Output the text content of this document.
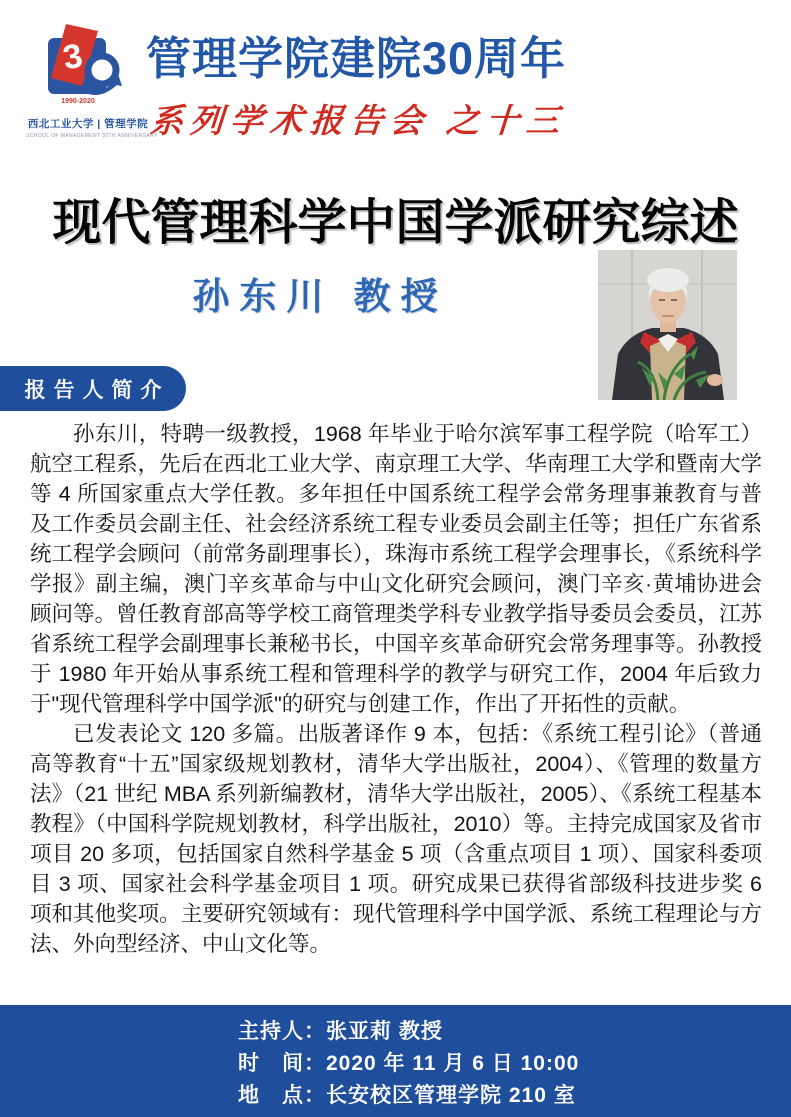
3
1990-2020
西北工业大学 | 管理学院
SCHOOL OF MANAGEMENT 30TH ANNIVERSARY
管理学院建院30周年
系列学术报告会 之十三
现代管理科学中国学派研究综述
孙东川 教授
报告人简介

孙东川，特聘一级教授，1968 年毕业于哈尔滨军事工程学院（哈军工）航空工程系，先后在西北工业大学、南京理工大学、华南理工大学和暨南大学等 4 所国家重点大学任教。多年担任中国系统工程学会常务理事兼教育与普及工作委员会副主任、社会经济系统工程专业委员会副主任等；担任广东省系统工程学会顾问（前常务副理事长），珠海市系统工程学会理事长，《系统科学学报》副主编，澳门辛亥革命与中山文化研究会顾问，澳门辛亥·黄埔协进会顾问等。曾任教育部高等学校工商管理类学科专业教学指导委员会委员，江苏省系统工程学会副理事长兼秘书长，中国辛亥革命研究会常务理事等。孙教授于 1980 年开始从事系统工程和管理科学的教学与研究工作，2004 年后致力于"现代管理科学中国学派"的研究与创建工作，作出了开拓性的贡献。

已发表论文 120 多篇。出版著译作 9 本，包括：《系统工程引论》（普通高等教育“十五”国家级规划教材，清华大学出版社，2004）、《管理的数量方法》（21 世纪 MBA 系列新编教材，清华大学出版社，2005）、《系统工程基本教程》（中国科学院规划教材，科学出版社，2010）等。主持完成国家及省市项目 20 多项，包括国家自然科学基金 5 项（含重点项目 1 项）、国家科委项目 3 项、国家社会科学基金项目 1 项。研究成果已获得省部级科技进步奖 6 项和其他奖项。主要研究领域有：现代管理科学中国学派、系统工程理论与方法、外向型经济、中山文化等。

主持人：张亚莉 教授

时　间：2020 年 11 月 6 日 10:00

地　点：长安校区管理学院 210 室
